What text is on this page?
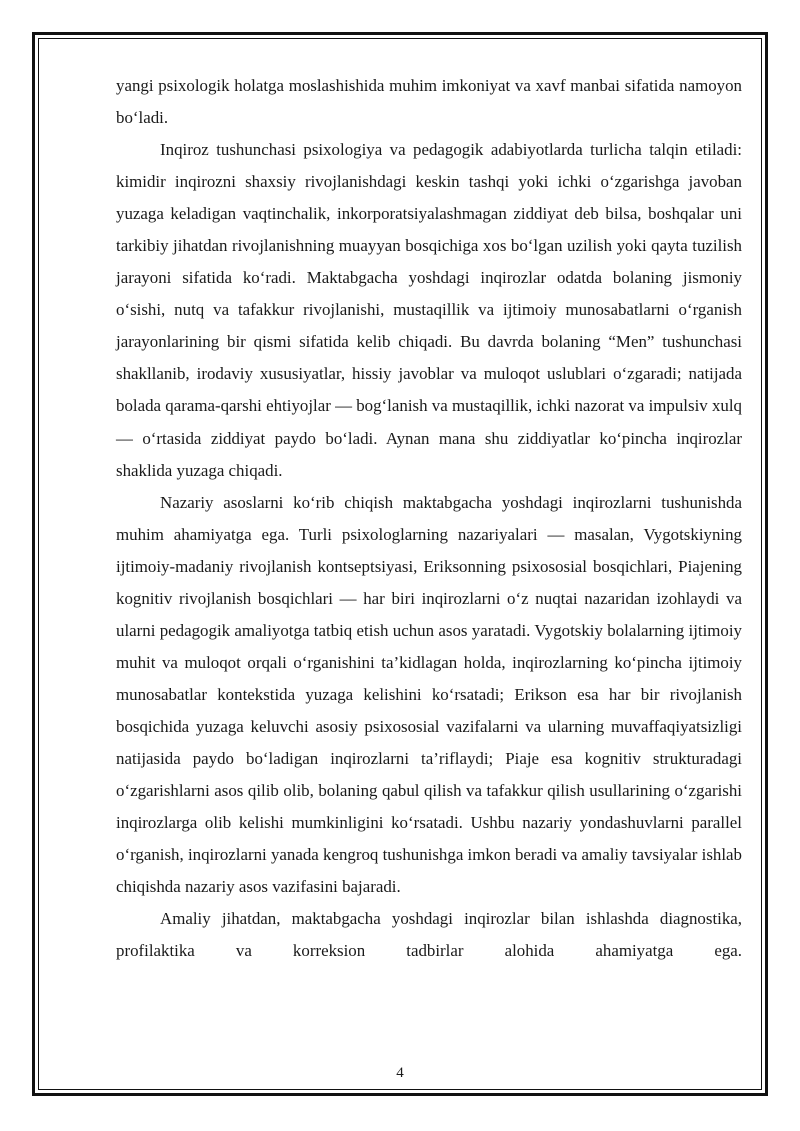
yangi psixologik holatga moslashishida muhim imkoniyat va xavf manbai sifatida namoyon bo‘ladi.

Inqiroz tushunchasi psixologiya va pedagogik adabiyotlarda turlicha talqin etiladi: kimidir inqirozni shaxsiy rivojlanishdagi keskin tashqi yoki ichki o‘zgarishga javoban yuzaga keladigan vaqtinchalik, inkorporatsiyalashmagan ziddiyat deb bilsa, boshqalar uni tarkibiy jihatdan rivojlanishning muayyan bosqichiga xos bo‘lgan uzilish yoki qayta tuzilish jarayoni sifatida ko‘radi. Maktabgacha yoshdagi inqirozlar odatda bolaning jismoniy o‘sishi, nutq va tafakkur rivojlanishi, mustaqillik va ijtimoiy munosabatlarni o‘rganish jarayonlarining bir qismi sifatida kelib chiqadi. Bu davrda bolaning “Men” tushunchasi shakllanib, irodaviy xususiyatlar, hissiy javoblar va muloqot uslublari o‘zgaradi; natijada bolada qarama-qarshi ehtiyojlar — bog‘lanish va mustaqillik, ichki nazorat va impulsiv xulq — o‘rtasida ziddiyat paydo bo‘ladi. Aynan mana shu ziddiyatlar ko‘pincha inqirozlar shaklida yuzaga chiqadi.

Nazariy asoslarni ko‘rib chiqish maktabgacha yoshdagi inqirozlarni tushunishda muhim ahamiyatga ega. Turli psixologlarning nazariyalari — masalan, Vygotskiyning ijtimoiy-madaniy rivojlanish kontseptsiyasi, Eriksonning psixososial bosqichlari, Piajening kognitiv rivojlanish bosqichlari — har biri inqirozlarni o‘z nuqtai nazaridan izohlaydi va ularni pedagogik amaliyotga tatbiq etish uchun asos yaratadi. Vygotskiy bolalarning ijtimoiy muhit va muloqot orqali o‘rganishini ta’kidlagan holda, inqirozlarning ko‘pincha ijtimoiy munosabatlar kontekstida yuzaga kelishini ko‘rsatadi; Erikson esa har bir rivojlanish bosqichida yuzaga keluvchi asosiy psixososial vazifalarni va ularning muvaffaqiyatsizligi natijasida paydo bo‘ladigan inqirozlarni ta’riflaydi; Piaje esa kognitiv strukturadagi o‘zgarishlarni asos qilib olib, bolaning qabul qilish va tafakkur qilish usullarining o‘zgarishi inqirozlarga olib kelishi mumkinligini ko‘rsatadi. Ushbu nazariy yondashuvlarni parallel o‘rganish, inqirozlarni yanada kengroq tushunishga imkon beradi va amaliy tavsiyalar ishlab chiqishda nazariy asos vazifasini bajaradi.

Amaliy jihatdan, maktabgacha yoshdagi inqirozlar bilan ishlashda diagnostika, profilaktika va korreksion tadbirlar alohida ahamiyatga ega.

4
